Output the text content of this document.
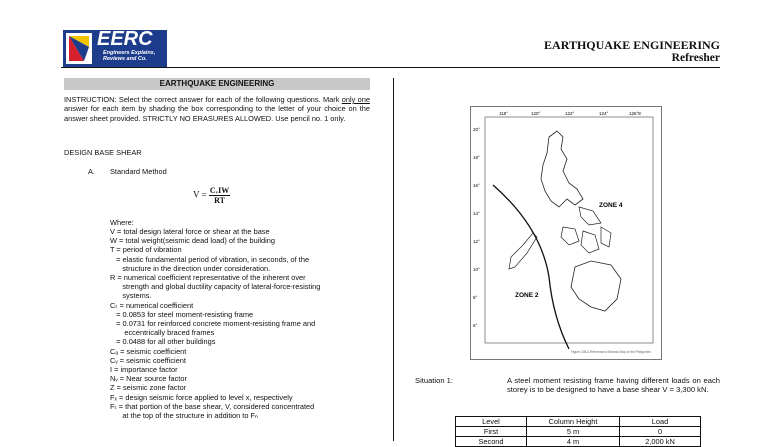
EERC
Engineers Explains,
Reviews and Co.
EARTHQUAKE ENGINEERING
Refresher
EARTHQUAKE ENGINEERING
INSTRUCTION: Select the correct answer for each of the following questions. Mark only one answer for each item by shading the box corresponding to the letter of your choice on the answer sheet provided. STRICTLY NO ERASURES ALLOWED. Use pencil no. 1 only.
DESIGN BASE SHEAR
A. Standard Method
$V = \frac{\text{CᵥIW}}{RT}$
Where:
V = total design lateral force or shear at the base
W = total weight(seismic dead load) of the building
T = period of vibration
= elastic fundamental period of vibration, in seconds, of the
structure in the direction under consideration.
R = numerical coefficient representative of the inherent over
strength and global ductility capacity of lateral-force-resisting
systems.
Cₜ = numerical coefficient
= 0.0853 for steel moment-resisting frame
= 0.0731 for reinforced concrete moment-resisting frame and
eccentrically braced frames
= 0.0488 for all other buildings
Cₐ = seismic coefficient
Cᵥ = seismic coefficient
I = importance factor
Nᵥ = Near source factor
Z = seismic zone factor
Fₓ = design seismic force applied to level x, respectively
Fₜ = that portion of the base shear, V, considered concentrated
at the top of the structure in addition to Fₙ
118°	120°	122°	124°	126°E
20°
18°
16°
14°
12°
10°
8°
6°
ZONE 4
ZONE 2
Figure 208-A Referenced Seismic Map of the Philippines
Situation 1:	A steel moment resisting frame having different loads on each storey is to be designed to have a base shear V = 3,300 kN.
Level	Column Height	Load
First	5 m	0
Second	4 m	2,000 kN
